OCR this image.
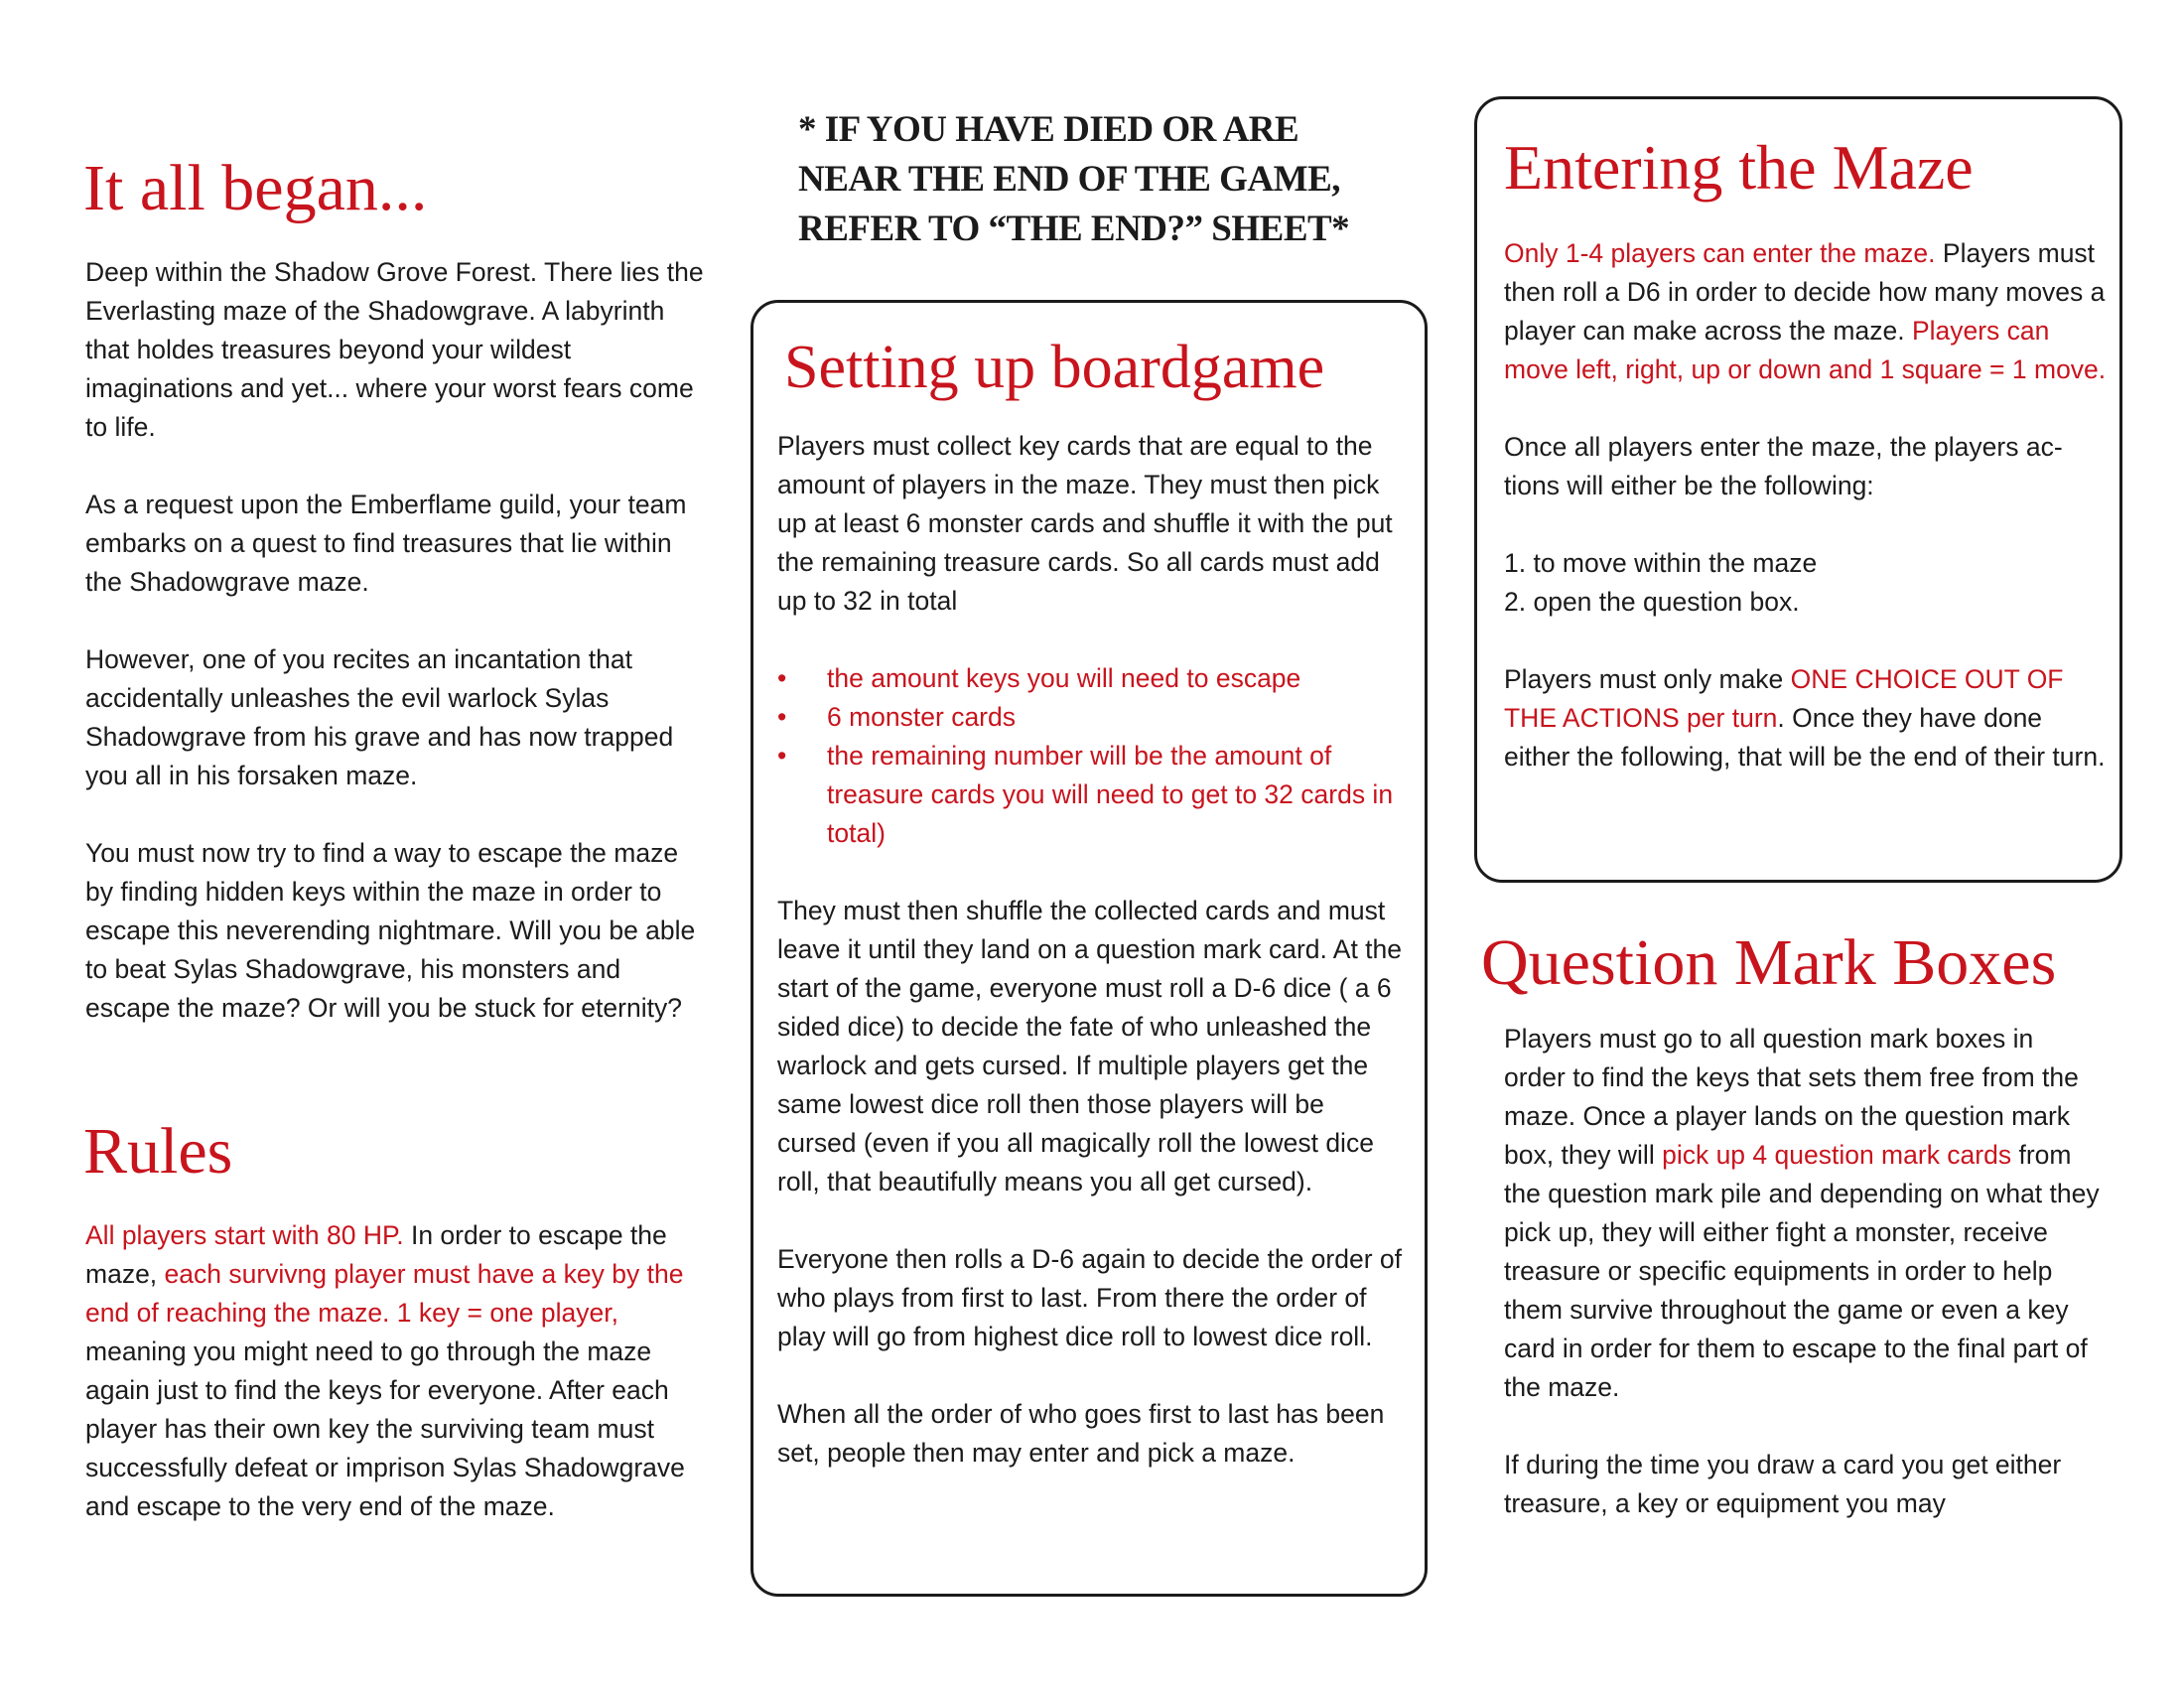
It all began...

Deep within the Shadow Grove Forest. There lies the Everlasting maze of the Shadowgrave. A labyrinth that holdes treasures beyond your wildest imaginations and yet... where your worst fears come to life.

As a request upon the Emberflame guild, your team embarks on a quest to find treasures that lie within the Shadowgrave maze.

However, one of you recites an incantation that accidentally unleashes the evil warlock Sylas Shadowgrave from his grave and has now trapped you all in his forsaken maze.

You must now try to find a way to escape the maze by finding hidden keys within the maze in order to escape this neverending nightmare. Will you be able to beat Sylas Shadowgrave, his monsters and escape the maze? Or will you be stuck for eternity?

Rules

All players start with 80 HP. In order to escape the maze, each survivng player must have a key by the end of reaching the maze. 1 key = one player, meaning you might need to go through the maze again just to find the keys for everyone. After each player has their own key the surviving team must successfully defeat or imprison Sylas Shadowgrave and escape to the very end of the maze.

* IF YOU HAVE DIED OR ARE
NEAR THE END OF THE GAME,
REFER TO “THE END?” SHEET*
Setting up boardgame

Players must collect key cards that are equal to the amount of players in the maze. They must then pick up at least 6 monster cards and shuffle it with the put the remaining treasure cards. So all cards must add up to 32 in total

• the amount keys you will need to escape
• 6 monster cards
• the remaining number will be the amount of treasure cards you will need to get to 32 cards in total)

They must then shuffle the collected cards and must leave it until they land on a question mark card. At the start of the game, everyone must roll a D-6 dice ( a 6 sided dice) to decide the fate of who unleashed the warlock and gets cursed. If multiple players get the same lowest dice roll then those players will be cursed (even if you all magically roll the lowest dice roll, that beautifully means you all get cursed).

Everyone then rolls a D-6 again to decide the order of who plays from first to last. From there the order of play will go from highest dice roll to lowest dice roll.

When all the order of who goes first to last has been set, people then may enter and pick a maze.

Entering the Maze

Only 1-4 players can enter the maze. Players must then roll a D6 in order to decide how many moves a player can make across the maze. Players can move left, right, up or down and 1 square = 1 move.

Once all players enter the maze, the players ac-tions will either be the following:

1. to move within the maze

2. open the question box.

Players must only make ONE CHOICE OUT OF THE ACTIONS per turn. Once they have done either the following, that will be the end of their turn.

Question Mark Boxes

Players must go to all question mark boxes in order to find the keys that sets them free from the maze. Once a player lands on the question mark box, they will pick up 4 question mark cards from the question mark pile and depending on what they pick up, they will either fight a monster, receive treasure or specific equipments in order to help them survive throughout the game or even a key card in order for them to escape to the final part of the maze.

If during the time you draw a card you get either treasure, a key or equipment you may
